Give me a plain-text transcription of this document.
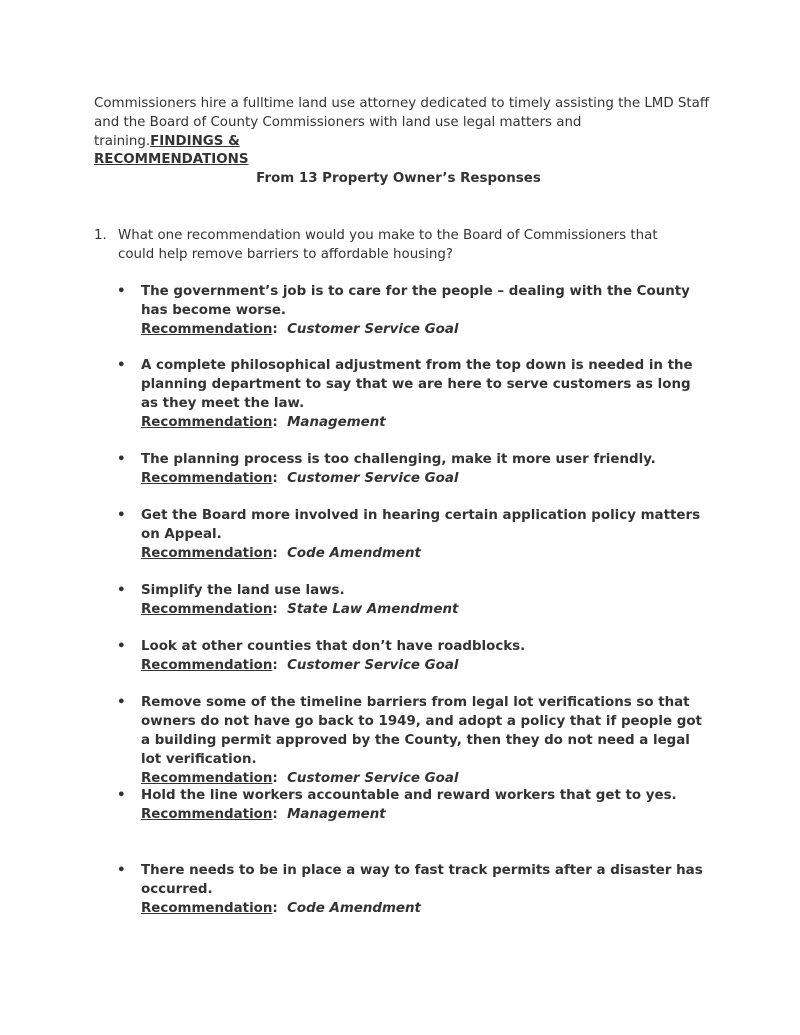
Commissioners hire a fulltime land use attorney dedicated to timely assisting the LMD Staff and the Board of County Commissioners with land use legal matters and training.FINDINGS &
RECOMMENDATIONS
From 13 Property Owner’s Responses
1. What one recommendation would you make to the Board of Commissioners that could help remove barriers to affordable housing?
• The government’s job is to care for the people – dealing with the County has become worse.
Recommendation:  Customer Service Goal
• A complete philosophical adjustment from the top down is needed in the planning department to say that we are here to serve customers as long as they meet the law.
Recommendation:  Management
• The planning process is too challenging, make it more user friendly.
Recommendation:  Customer Service Goal
• Get the Board more involved in hearing certain application policy matters on Appeal.
Recommendation:  Code Amendment
• Simplify the land use laws.
Recommendation:  State Law Amendment
• Look at other counties that don’t have roadblocks.
Recommendation:  Customer Service Goal
• Remove some of the timeline barriers from legal lot verifications so that owners do not have go back to 1949, and adopt a policy that if people got a building permit approved by the County, then they do not need a legal lot verification.
Recommendation:  Customer Service Goal
• Hold the line workers accountable and reward workers that get to yes.
Recommendation:  Management
• There needs to be in place a way to fast track permits after a disaster has occurred.
Recommendation:  Code Amendment
